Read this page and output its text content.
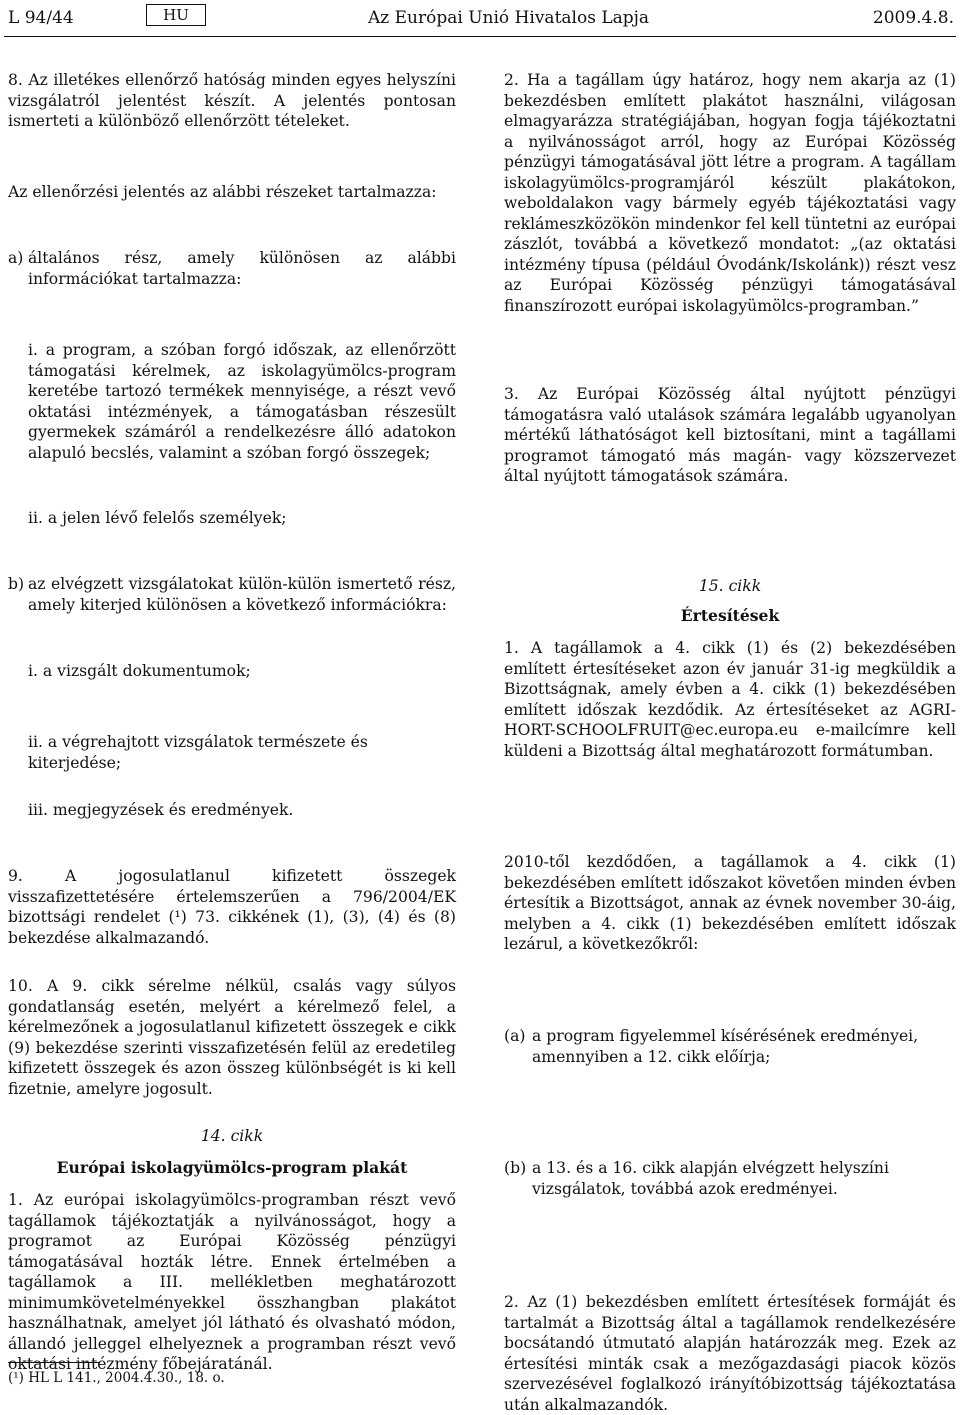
L 94/44	HU	Az Európai Unió Hivatalos Lapja	2009.4.8.
8. Az illetékes ellenőrző hatóság minden egyes helyszíni vizsgálatról jelentést készít. A jelentés pontosan ismerteti a különböző ellenőrzött tételeket.
Az ellenőrzési jelentés az alábbi részeket tartalmazza:
a) általános rész, amely különösen az alábbi információkat tartalmazza:
i. a program, a szóban forgó időszak, az ellenőrzött támogatási kérelmek, az iskolagyümölcs-program keretébe tartozó termékek mennyisége, a részt vevő oktatási intézmények, a támogatásban részesült gyermekek számáról a rendelkezésre álló adatokon alapuló becslés, valamint a szóban forgó összegek;
ii. a jelen lévő felelős személyek;
b) az elvégzett vizsgálatokat külön-külön ismertető rész, amely kiterjed különösen a következő információkra:
i. a vizsgált dokumentumok;
ii. a végrehajtott vizsgálatok természete és kiterjedése;
iii. megjegyzések és eredmények.
9. A jogosulatlanul kifizetett összegek visszafizettetésére értelemszerűen a 796/2004/EK bizottsági rendelet (¹) 73. cikkének (1), (3), (4) és (8) bekezdése alkalmazandó.
10. A 9. cikk sérelme nélkül, csalás vagy súlyos gondatlanság esetén, melyért a kérelmező felel, a kérelmezőnek a jogosulatlanul kifizetett összegek e cikk (9) bekezdése szerinti visszafizetésén felül az eredetileg kifizetett összegek és azon összeg különbségét is ki kell fizetnie, amelyre jogosult.
14. cikk
Európai iskolagyümölcs-program plakát
1. Az európai iskolagyümölcs-programban részt vevő tagállamok tájékoztatják a nyilvánosságot, hogy a programot az Európai Közösség pénzügyi támogatásával hozták létre. Ennek értelmében a tagállamok a III. mellékletben meghatározott minimumkövetelményekkel összhangban plakátot használhatnak, amelyet jól látható és olvasható módon, állandó jelleggel elhelyeznek a programban részt vevő oktatási intézmény főbejáratánál.
(¹) HL L 141., 2004.4.30., 18. o.
2. Ha a tagállam úgy határoz, hogy nem akarja az (1) bekezdésben említett plakátot használni, világosan elmagyarázza stratégiájában, hogyan fogja tájékoztatni a nyilvánosságot arról, hogy az Európai Közösség pénzügyi támogatásával jött létre a program. A tagállam iskolagyümölcs-programjáról készült plakátokon, weboldalakon vagy bármely egyéb tájékoztatási vagy reklámeszközökön mindenkor fel kell tüntetni az európai zászlót, továbbá a következő mondatot: „(az oktatási intézmény típusa (például Óvodánk/Iskolánk)) részt vesz az Európai Közösség pénzügyi támogatásával finanszírozott európai iskolagyümölcs-programban.”
3. Az Európai Közösség által nyújtott pénzügyi támogatásra való utalások számára legalább ugyanolyan mértékű láthatóságot kell biztosítani, mint a tagállami programot támogató más magán- vagy közszervezet által nyújtott támogatások számára.
15. cikk
Értesítések
1. A tagállamok a 4. cikk (1) és (2) bekezdésében említett értesítéseket azon év január 31-ig megküldik a Bizottságnak, amely évben a 4. cikk (1) bekezdésében említett időszak kezdődik. Az értesítéseket az AGRI-HORT-SCHOOLFRUIT@ec.europa.eu e-mailcímre kell küldeni a Bizottság által meghatározott formátumban.
2010-től kezdődően, a tagállamok a 4. cikk (1) bekezdésében említett időszakot követően minden évben értesítik a Bizottságot, annak az évnek november 30-áig, melyben a 4. cikk (1) bekezdésében említett időszak lezárul, a következőkről:
(a) a program figyelemmel kísérésének eredményei, amennyiben a 12. cikk előírja;
(b) a 13. és a 16. cikk alapján elvégzett helyszíni vizsgálatok, továbbá azok eredményei.
2. Az (1) bekezdésben említett értesítések formáját és tartalmát a Bizottság által a tagállamok rendelkezésére bocsátandó útmutató alapján határozzák meg. Ezek az értesítési minták csak a mezőgazdasági piacok közös szervezésével foglalkozó irányítóbizottság tájékoztatása után alkalmazandók.
